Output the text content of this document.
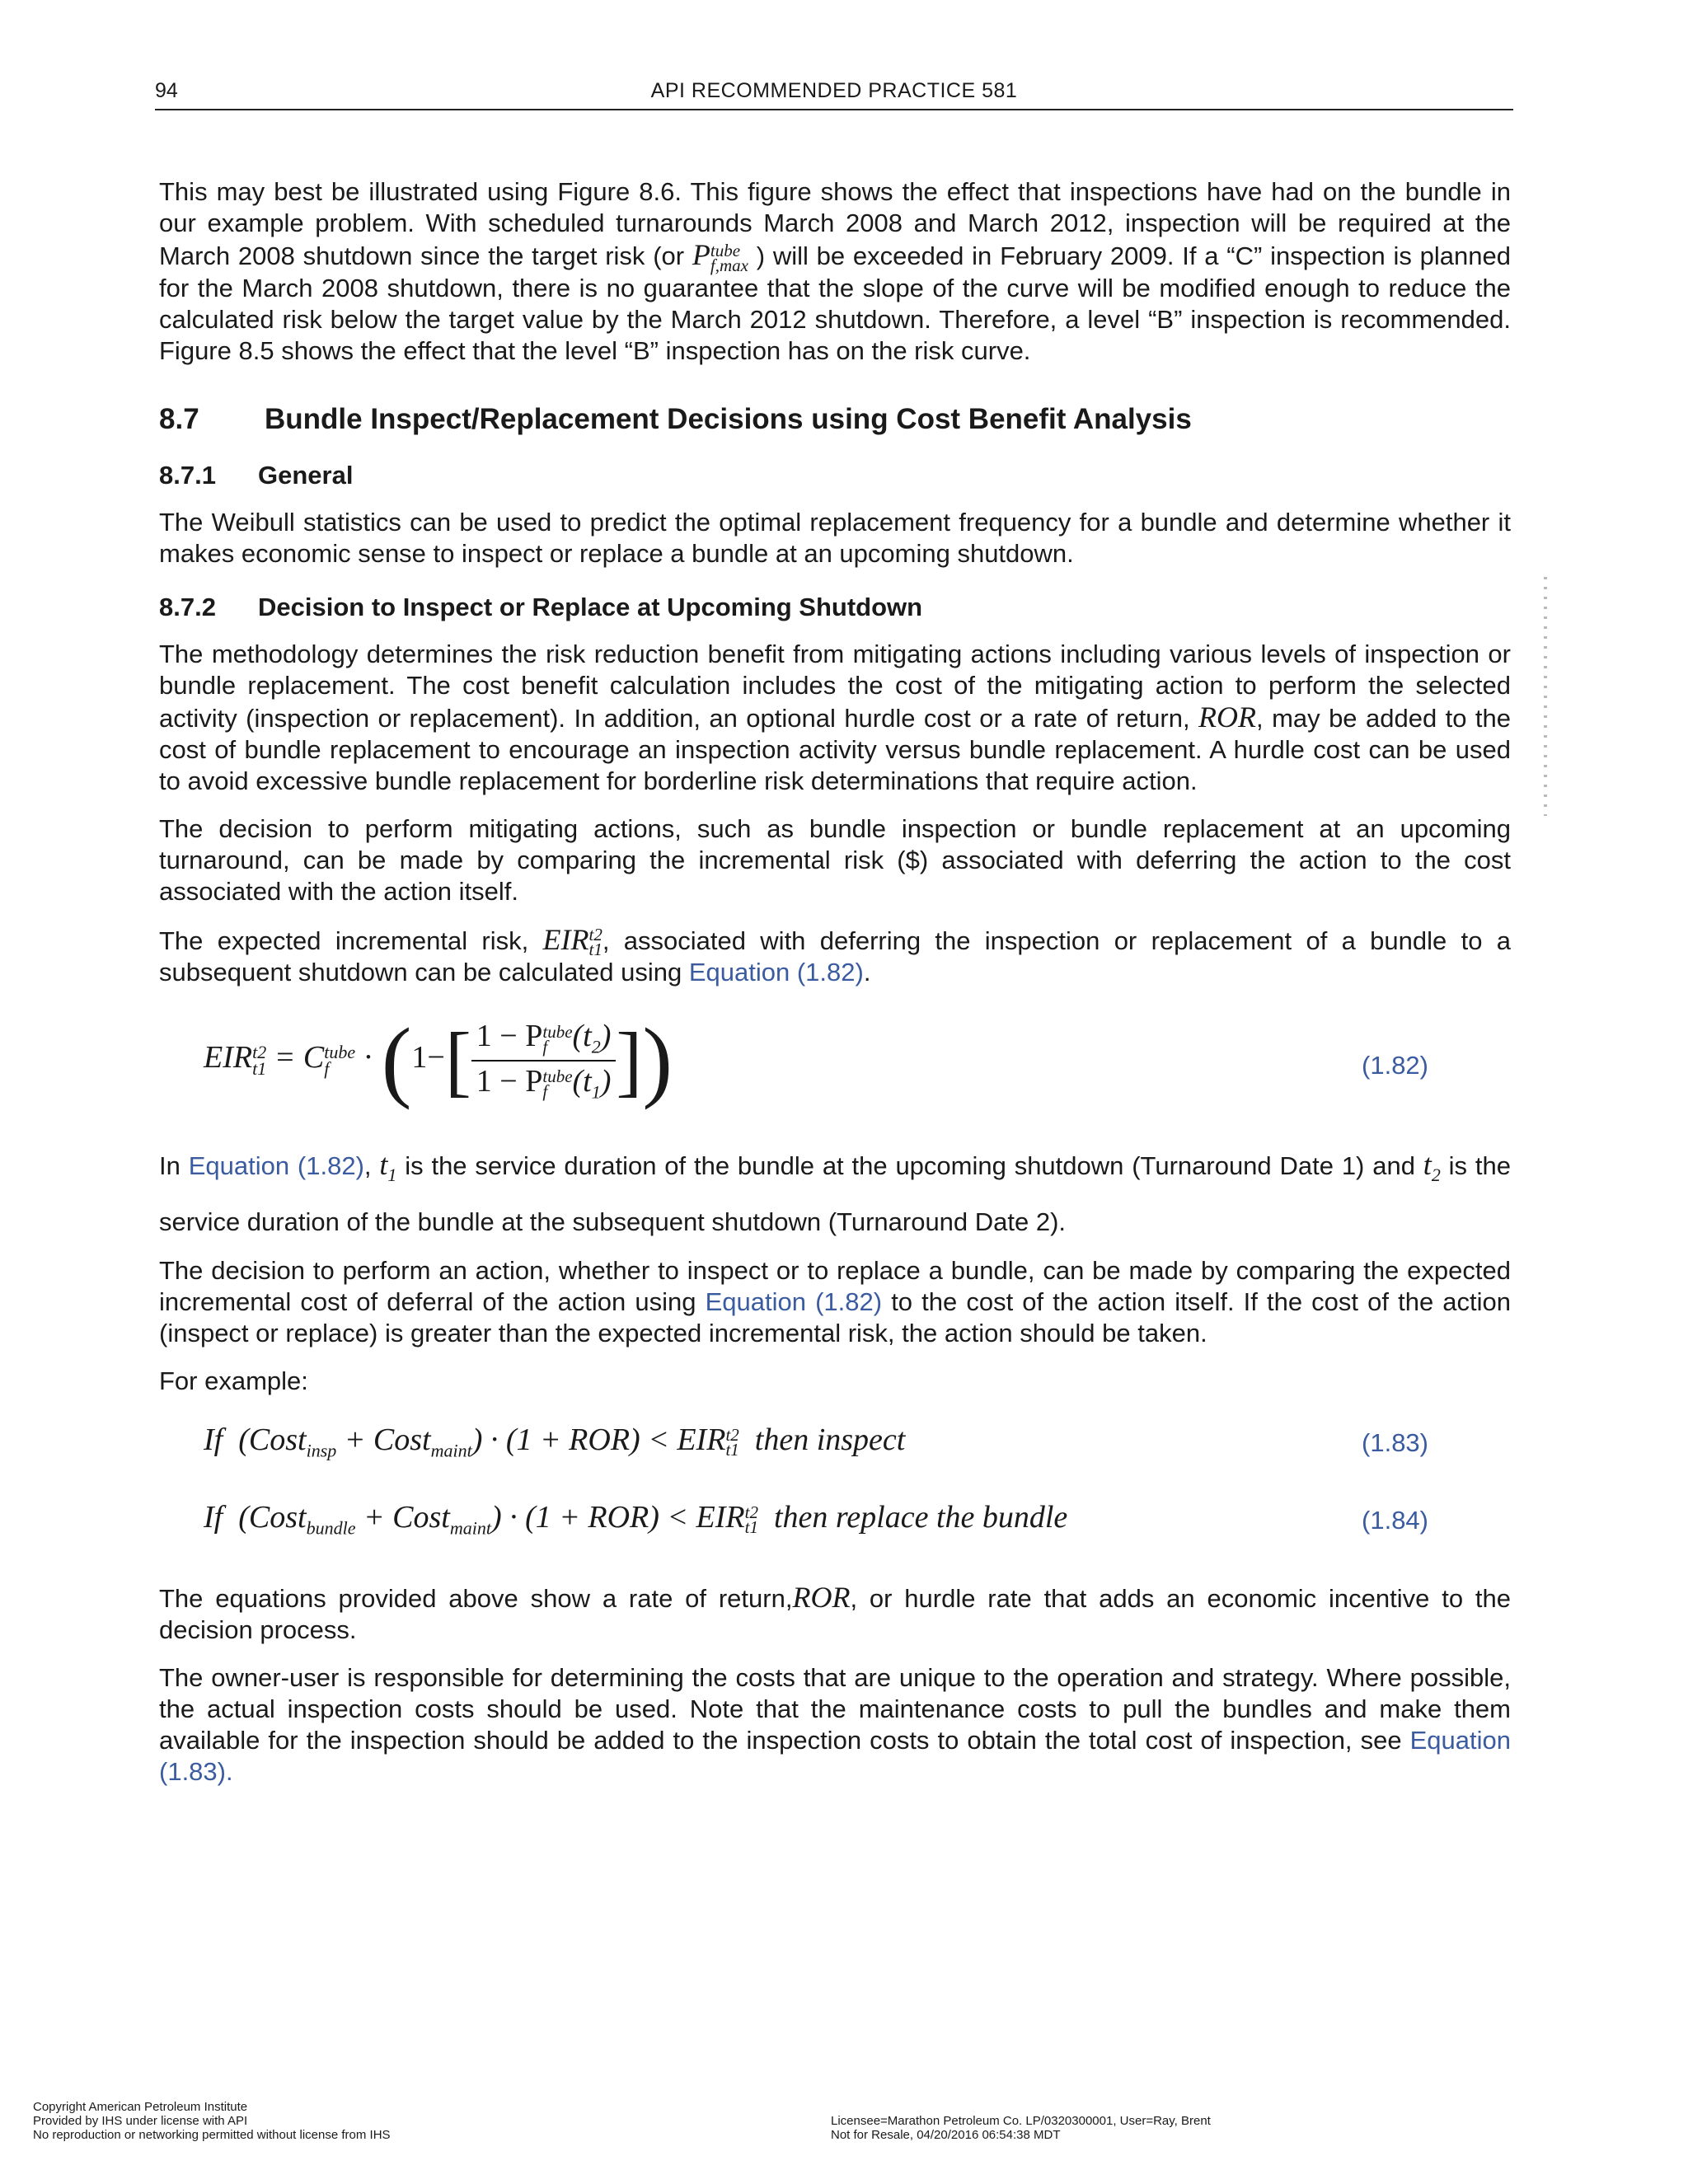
94	API RECOMMENDED PRACTICE 581

This may best be illustrated using Figure 8.6. This figure shows the effect that inspections have had on the bundle in our example problem. With scheduled turnarounds March 2008 and March 2012, inspection will be required at the March 2008 shutdown since the target risk (or P tube
f,max ) will be exceeded in February 2009. If a “C” inspection is planned for the March 2008 shutdown, there is no guarantee that the slope of the curve will be modified enough to reduce the calculated risk below the target value by the March 2012 shutdown. Therefore, a level “B” inspection is recommended. Figure 8.5 shows the effect that the level “B” inspection has on the risk curve.

8.7 Bundle Inspect/Replacement Decisions using Cost Benefit Analysis
8.7.1 General

The Weibull statistics can be used to predict the optimal replacement frequency for a bundle and determine whether it makes economic sense to inspect or replace a bundle at an upcoming shutdown.

8.7.2 Decision to Inspect or Replace at Upcoming Shutdown

The methodology determines the risk reduction benefit from mitigating actions including various levels of inspection or bundle replacement. The cost benefit calculation includes the cost of the mitigating action to perform the selected activity (inspection or replacement). In addition, an optional hurdle cost or a rate of return, ROR, may be added to the cost of bundle replacement to encourage an inspection activity versus bundle replacement. A hurdle cost can be used to avoid excessive bundle replacement for borderline risk determinations that require action.

The decision to perform mitigating actions, such as bundle inspection or bundle replacement at an upcoming turnaround, can be made by comparing the incremental risk ($) associated with deferring the action to the cost associated with the action itself.

The expected incremental risk, EIR t2
t1 , associated with deferring the inspection or replacement of a bundle to a subsequent shutdown can be calculated using Equation (1.82).

EIR t2
t1 = C tube
f · (1−[ 1 − P tube
f $(t_2)$
1 − P tube
f $(t_1)$ ])	(1.82)

In Equation (1.82), $t_1$ is the service duration of the bundle at the upcoming shutdown (Turnaround Date 1) and $t_2$ is the service duration of the bundle at the subsequent shutdown (Turnaround Date 2).

The decision to perform an action, whether to inspect or to replace a bundle, can be made by comparing the expected incremental cost of deferral of the action using Equation (1.82) to the cost of the action itself. If the cost of the action (inspect or replace) is greater than the expected incremental risk, the action should be taken.

For example:

If (Cost$_{insp}$ + Cost$_{maint}$) · (1 + ROR) < EIR t2
t1 then inspect	(1.83)
If (Cost$_{bundle}$ + Cost$_{maint}$) · (1 + ROR) < EIR t2
t1 then replace the bundle	(1.84)

The equations provided above show a rate of return,ROR, or hurdle rate that adds an economic incentive to the decision process.

The owner-user is responsible for determining the costs that are unique to the operation and strategy. Where possible, the actual inspection costs should be used. Note that the maintenance costs to pull the bundles and make them available for the inspection should be added to the inspection costs to obtain the total cost of inspection, see Equation (1.83).

Copyright American Petroleum Institute
Provided by IHS under license with API
No reproduction or networking permitted without license from IHS
Licensee=Marathon Petroleum Co. LP/0320300001, User=Ray, Brent
Not for Resale, 04/20/2016 06:54:38 MDT
